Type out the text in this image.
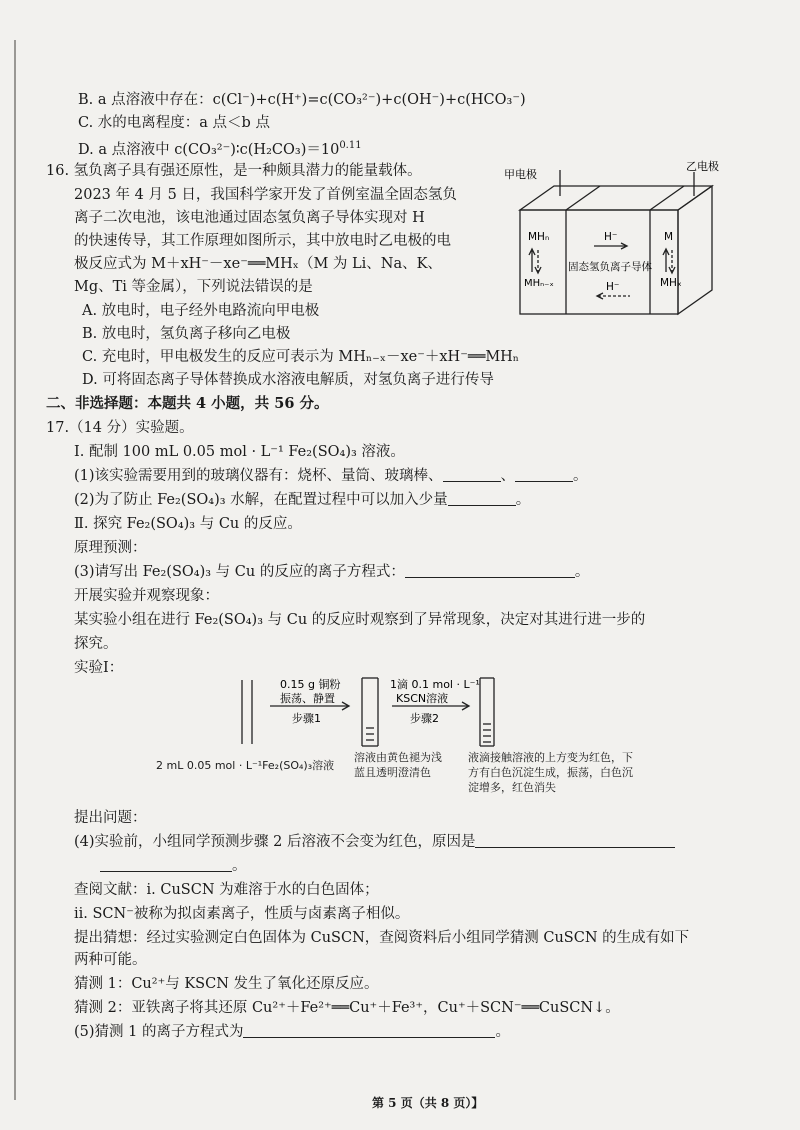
B. a 点溶液中存在：c(Cl⁻)+c(H⁺)=c(CO₃²⁻)+c(OH⁻)+c(HCO₃⁻)
C. 水的电离程度：a 点＜b 点
D. a 点溶液中 $c(CO_3^{2-})∶c(H_2CO_3)=10^{0.11}$
16. 氢负离子具有强还原性，是一种颇具潜力的能量载体。
2023 年 4 月 5 日，我国科学家开发了首例室温全固态氢负
离子二次电池，该电池通过固态氢负离子导体实现对 H
的快速传导，其工作原理如图所示，其中放电时乙电极的电
极反应式为 M＋xH⁻－xe⁻══MHₓ（M 为 Li、Na、K、
Mg、Ti 等金属），下列说法错误的是
A. 放电时，电子经外电路流向甲电极
B. 放电时，氢负离子移向乙电极
C. 充电时，甲电极发生的反应可表示为 MHₙ₋ₓ－xe⁻＋xH⁻══MHₙ
D. 可将固态离子导体替换成水溶液电解质，对氢负离子进行传导
甲电极
乙电极
MHₙ
MHₙ₋ₓ
H⁻
固态氢负离子导体
H⁻
M
MHₓ
二、非选择题：本题共 4 小题，共 56 分。
17.（14 分）实验题。
Ⅰ. 配制 100 mL 0.05 mol · L⁻¹ Fe₂(SO₄)₃ 溶液。
(1)该实验需要用到的玻璃仪器有：烧杯、量筒、玻璃棒、	、	。
(2)为了防止 Fe₂(SO₄)₃ 水解，在配置过程中可以加入少量	。
Ⅱ. 探究 Fe₂(SO₄)₃ 与 Cu 的反应。
原理预测：
(3)请写出 Fe₂(SO₄)₃ 与 Cu 的反应的离子方程式：	。
开展实验并观察现象：
某实验小组在进行 Fe₂(SO₄)₃ 与 Cu 的反应时观察到了异常现象，决定对其进行进一步的
探究。
实验Ⅰ：
0.15 g 铜粉
振荡、静置
步骤1
1滴 0.1 mol · L⁻¹
KSCN溶液
步骤2
2 mL 0.05 mol · L⁻¹Fe₂(SO₄)₃溶液
溶液由黄色褪为浅
蓝且透明澄清色
液滴接触溶液的上方变为红色，下
方有白色沉淀生成，振荡，白色沉
淀增多，红色消失
提出问题：
(4)实验前，小组同学预测步骤 2 后溶液不会变为红色，原因是
。
查阅文献：ⅰ. CuSCN 为难溶于水的白色固体；
ⅱ. SCN⁻被称为拟卤素离子，性质与卤素离子相似。
提出猜想：经过实验测定白色固体为 CuSCN，查阅资料后小组同学猜测 CuSCN 的生成有如下
两种可能。
猜测 1：Cu²⁺与 KSCN 发生了氧化还原反应。
猜测 2：亚铁离子将其还原 Cu²⁺＋Fe²⁺══Cu⁺＋Fe³⁺，Cu⁺＋SCN⁻══CuSCN↓。
(5)猜测 1 的离子方程式为	。
第 5 页（共 8 页）】
